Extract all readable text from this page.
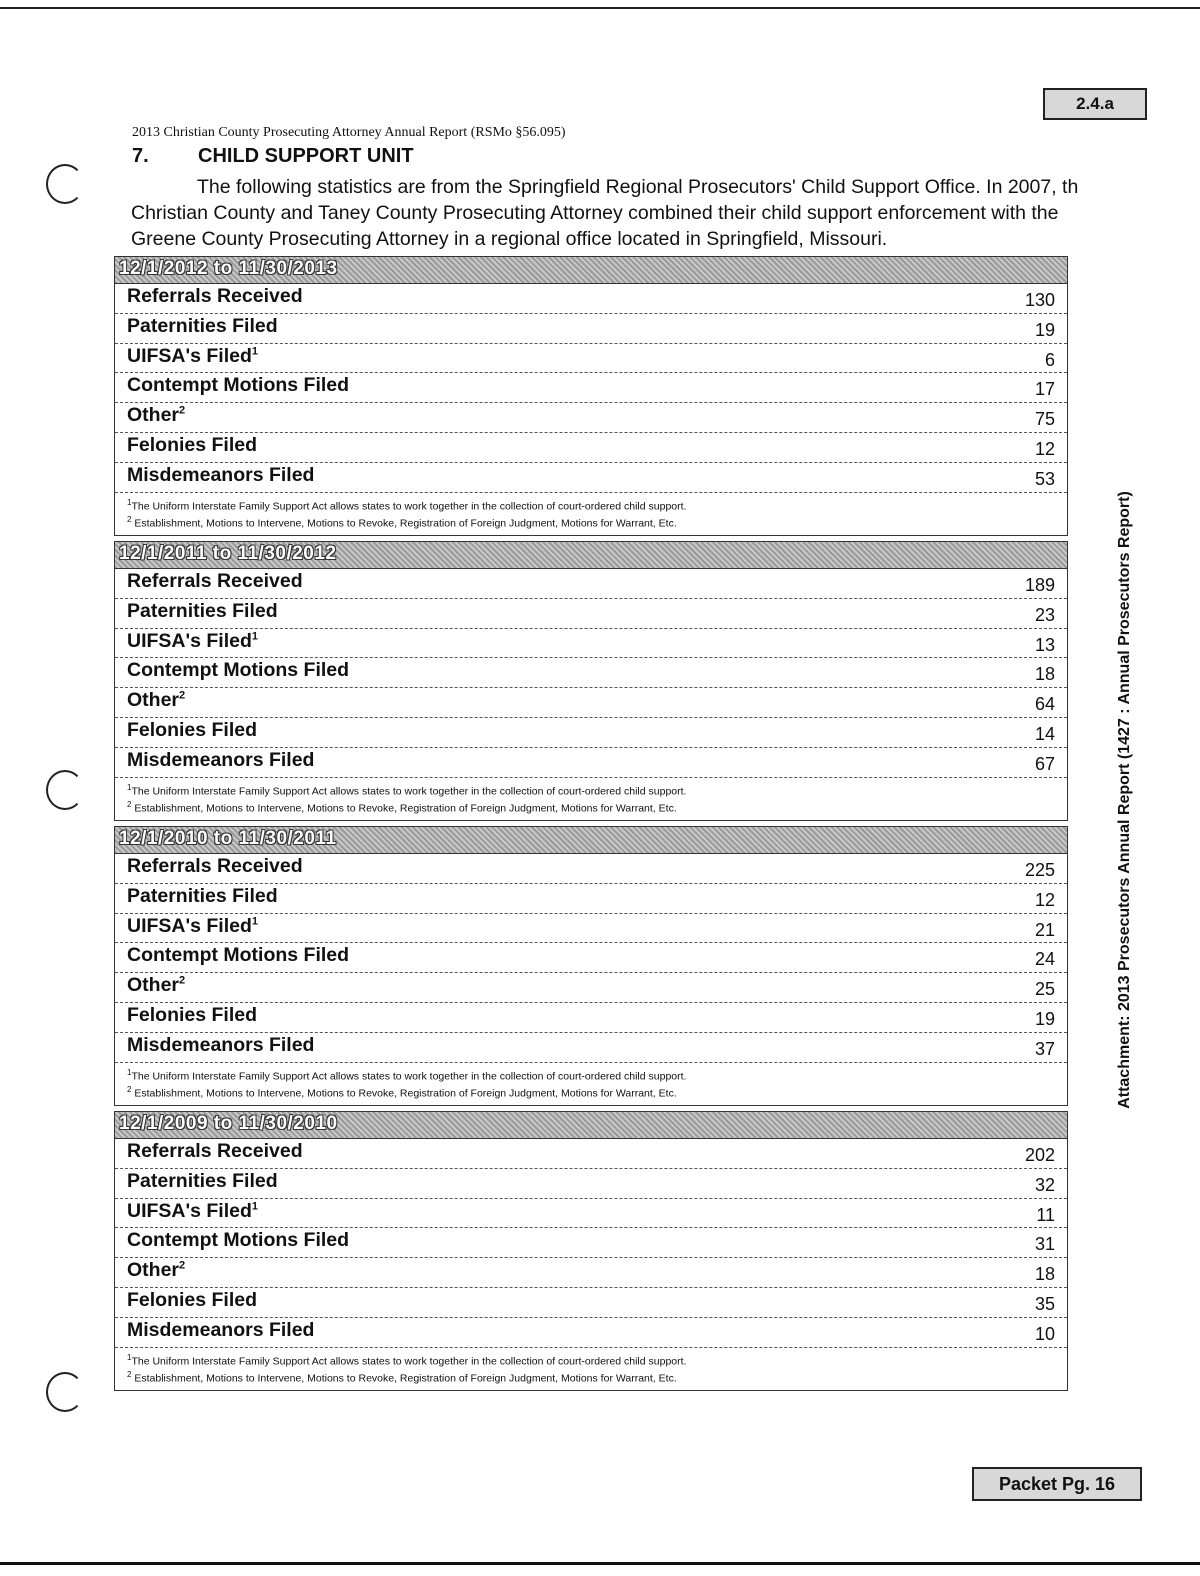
2.4.a
2013 Christian County Prosecuting Attorney Annual Report (RSMo §56.095)
7. CHILD SUPPORT UNIT
The following statistics are from the Springfield Regional Prosecutors' Child Support Office. In 2007, th Christian County and Taney County Prosecuting Attorney combined their child support enforcement with the Greene County Prosecuting Attorney in a regional office located in Springfield, Missouri.
Attachment: 2013 Prosecutors Annual Report (1427 : Annual Prosecutors Report)
12/1/2012 to 11/30/2013
Referrals Received	130
Paternities Filed	19
UIFSA's Filed$^1$	6
Contempt Motions Filed	17
Other$^2$	75
Felonies Filed	12
Misdemeanors Filed	53
$^1$The Uniform Interstate Family Support Act allows states to work together in the collection of court-ordered child support.
$^2$ Establishment, Motions to Intervene, Motions to Revoke, Registration of Foreign Judgment, Motions for Warrant, Etc.
12/1/2011 to 11/30/2012
Referrals Received	189
Paternities Filed	23
UIFSA's Filed$^1$	13
Contempt Motions Filed	18
Other$^2$	64
Felonies Filed	14
Misdemeanors Filed	67
$^1$The Uniform Interstate Family Support Act allows states to work together in the collection of court-ordered child support.
$^2$ Establishment, Motions to Intervene, Motions to Revoke, Registration of Foreign Judgment, Motions for Warrant, Etc.
12/1/2010 to 11/30/2011
Referrals Received	225
Paternities Filed	12
UIFSA's Filed$^1$	21
Contempt Motions Filed	24
Other$^2$	25
Felonies Filed	19
Misdemeanors Filed	37
$^1$The Uniform Interstate Family Support Act allows states to work together in the collection of court-ordered child support.
$^2$ Establishment, Motions to Intervene, Motions to Revoke, Registration of Foreign Judgment, Motions for Warrant, Etc.
12/1/2009 to 11/30/2010
Referrals Received	202
Paternities Filed	32
UIFSA's Filed$^1$	11
Contempt Motions Filed	31
Other$^2$	18
Felonies Filed	35
Misdemeanors Filed	10
$^1$The Uniform Interstate Family Support Act allows states to work together in the collection of court-ordered child support.
$^2$ Establishment, Motions to Intervene, Motions to Revoke, Registration of Foreign Judgment, Motions for Warrant, Etc.
Packet Pg. 16
